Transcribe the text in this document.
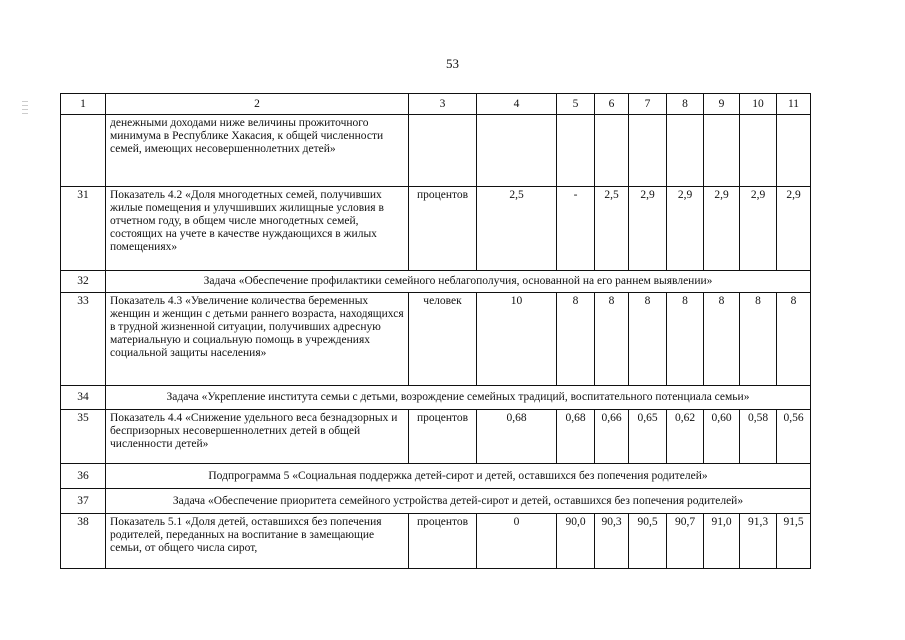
53
1	2	3	4	5	6	7	8	9	10	11
	денежными доходами ниже величины прожиточного минимума в Республике Хакасия, к общей численности семей, имеющих несовершеннолетних детей»									
31	Показатель 4.2 «Доля многодетных семей, получивших жилые помещения и улучшивших жилищные условия в отчетном году, в общем числе многодетных семей, состоящих на учете в качестве нуждающихся в жилых помещениях»	процентов	2,5	-	2,5	2,9	2,9	2,9	2,9	2,9
32	Задача «Обеспечение профилактики семейного неблагополучия, основанной на его раннем выявлении»									
33	Показатель 4.3 «Увеличение количества беременных женщин и женщин с детьми раннего возраста, находящихся в трудной жизненной ситуации, получивших адресную материальную и социальную помощь в учреждениях социальной защиты населения»	человек	10	8	8	8	8	8	8	8
34	Задача «Укрепление института семьи с детьми, возрождение семейных традиций, воспитательного потенциала семьи»									
35	Показатель 4.4 «Снижение удельного веса безнадзорных и беспризорных несовершеннолетних детей в общей численности детей»	процентов	0,68	0,68	0,66	0,65	0,62	0,60	0,58	0,56
36	Подпрограмма 5 «Социальная поддержка детей-сирот и детей, оставшихся без попечения родителей»									
37	Задача «Обеспечение приоритета семейного устройства детей-сирот и детей, оставшихся без попечения родителей»									
38	Показатель 5.1 «Доля детей, оставшихся без попечения родителей, переданных на воспитание в замещающие семьи, от общего числа сирот,	процентов	0	90,0	90,3	90,5	90,7	91,0	91,3	91,5
